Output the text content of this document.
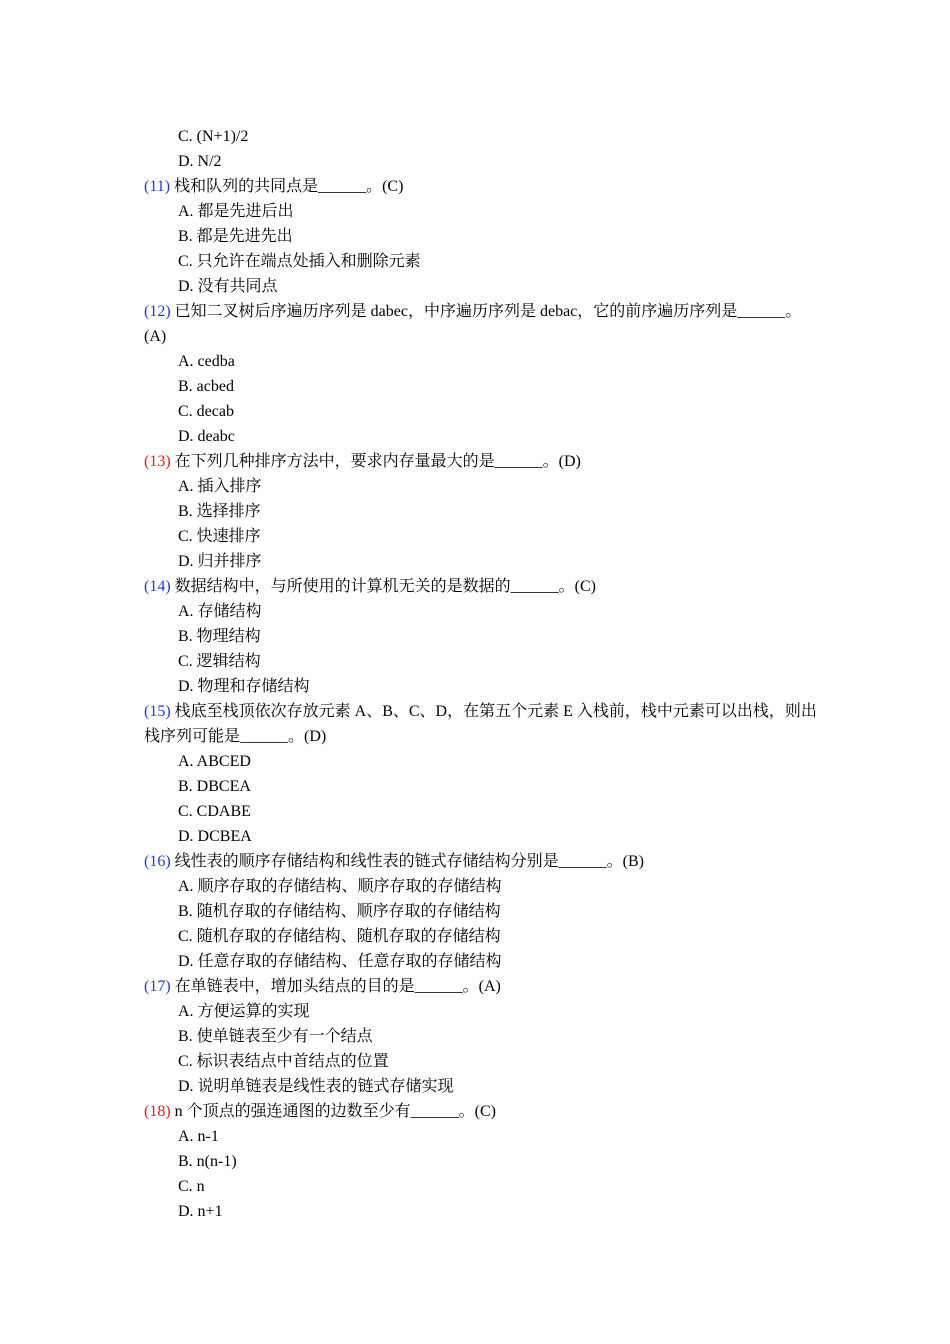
C. (N+1)/2
D. N/2
(11) 栈和队列的共同点是______。(C)
A. 都是先进后出
B. 都是先进先出
C. 只允许在端点处插入和删除元素
D. 没有共同点
(12) 已知二叉树后序遍历序列是 dabec，中序遍历序列是 debac，它的前序遍历序列是______。
(A)
A. cedba
B. acbed
C. decab
D. deabc
(13) 在下列几种排序方法中，要求内存量最大的是______。(D)
A. 插入排序
B. 选择排序
C. 快速排序
D. 归并排序
(14) 数据结构中，与所使用的计算机无关的是数据的______。(C)
A. 存储结构
B. 物理结构
C. 逻辑结构
D. 物理和存储结构
(15) 栈底至栈顶依次存放元素 A、B、C、D，在第五个元素 E 入栈前，栈中元素可以出栈，则出
栈序列可能是______。(D)
A. ABCED
B. DBCEA
C. CDABE
D. DCBEA
(16) 线性表的顺序存储结构和线性表的链式存储结构分别是______。(B)
A. 顺序存取的存储结构、顺序存取的存储结构
B. 随机存取的存储结构、顺序存取的存储结构
C. 随机存取的存储结构、随机存取的存储结构
D. 任意存取的存储结构、任意存取的存储结构
(17) 在单链表中，增加头结点的目的是______。(A)
A. 方便运算的实现
B. 使单链表至少有一个结点
C. 标识表结点中首结点的位置
D. 说明单链表是线性表的链式存储实现
(18) n 个顶点的强连通图的边数至少有______。(C)
A. n-1
B. n(n-1)
C. n
D. n+1
